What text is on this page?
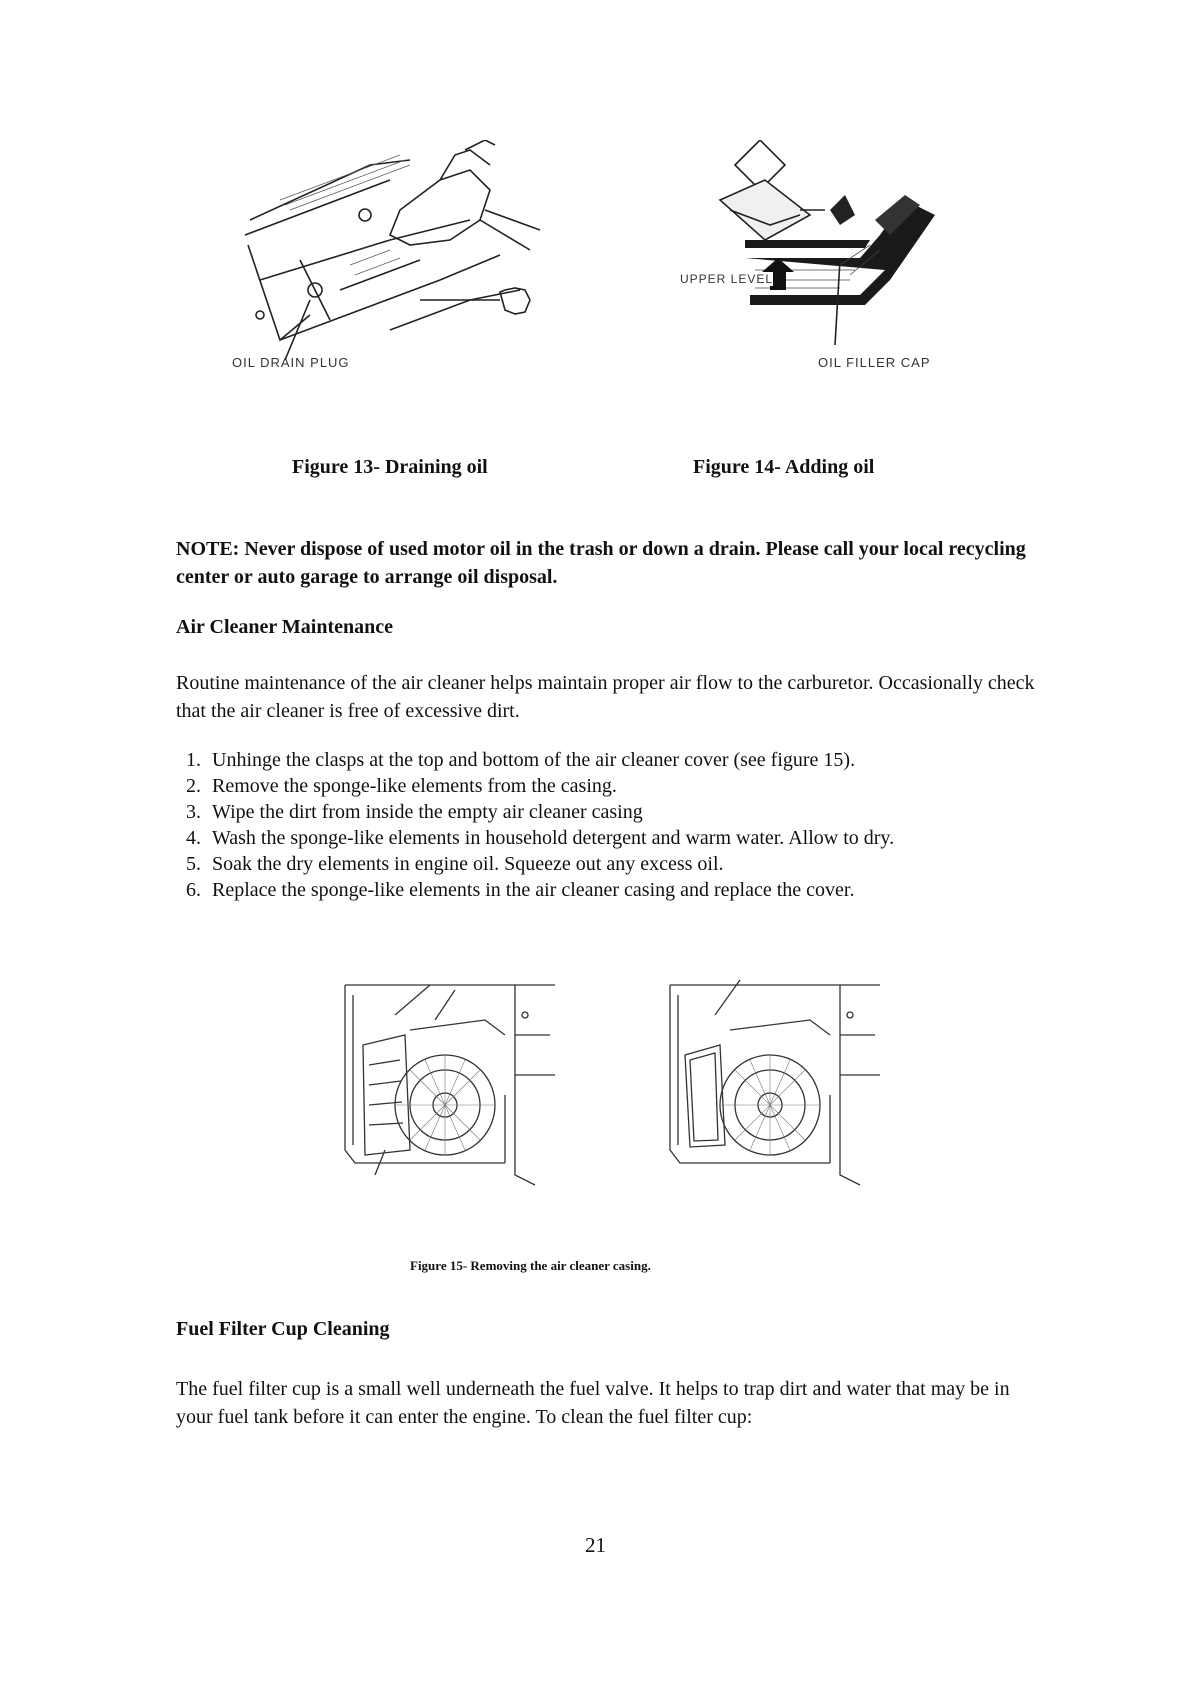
OIL DRAIN PLUG
UPPER LEVEL
OIL FILLER CAP
Figure 13- Draining oil	Figure 14- Adding oil
NOTE: Never dispose of used motor oil in the trash or down a drain. Please call your local recycling center or auto garage to arrange oil disposal.
Air Cleaner Maintenance
Routine maintenance of the air cleaner helps maintain proper air flow to the carburetor. Occasionally check that the air cleaner is free of excessive dirt.
1. Unhinge the clasps at the top and bottom of the air cleaner cover (see figure 15).
2. Remove the sponge-like elements from the casing.
3. Wipe the dirt from inside the empty air cleaner casing
4. Wash the sponge-like elements in household detergent and warm water. Allow to dry.
5. Soak the dry elements in engine oil. Squeeze out any excess oil.
6. Replace the sponge-like elements in the air cleaner casing and replace the cover.
Figure 15- Removing the air cleaner casing.
Fuel Filter Cup Cleaning
The fuel filter cup is a small well underneath the fuel valve. It helps to trap dirt and water that may be in your fuel tank before it can enter the engine. To clean the fuel filter cup:
21
